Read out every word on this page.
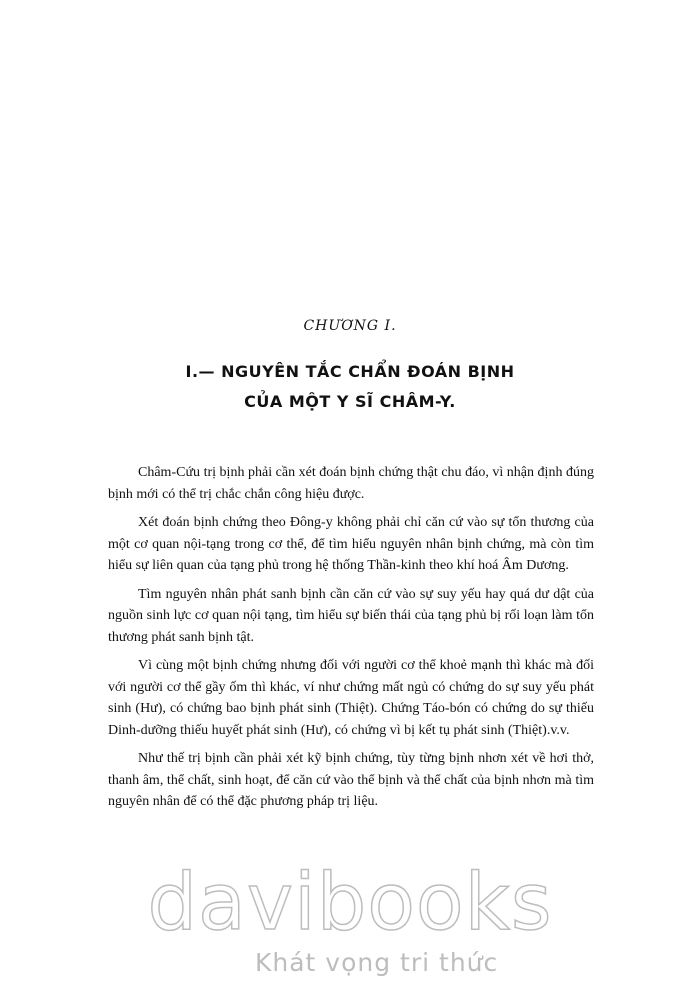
CHƯƠNG I.
I.— NGUYÊN TẮC CHẨN ĐOÁN BỊNH
CỦA MỘT Y SĨ CHÂM-Y.

Châm-Cứu trị bịnh phải cần xét đoán bịnh chứng thật chu đáo, vì nhận định đúng bịnh mới có thể trị chắc chắn công hiệu được.

Xét đoán bịnh chứng theo Đông-y không phải chỉ căn cứ vào sự tổn thương của một cơ quan nội-tạng trong cơ thể, để tìm hiểu nguyên nhân bịnh chứng, mà còn tìm hiểu sự liên quan của tạng phủ trong hệ thống Thần-kinh theo khí hoá Âm Dương.

Tìm nguyên nhân phát sanh bịnh cần căn cứ vào sự suy yếu hay quá dư dật của nguồn sinh lực cơ quan nội tạng, tìm hiểu sự biến thái của tạng phủ bị rối loạn làm tổn thương phát sanh bịnh tật.

Vì cùng một bịnh chứng nhưng đối với người cơ thể khoẻ mạnh thì khác mà đối với người cơ thể gầy ốm thì khác, ví như chứng mất ngủ có chứng do sự suy yếu phát sinh (Hư), có chứng bao bịnh phát sinh (Thiệt). Chứng Táo-bón có chứng do sự thiếu Dinh-dưỡng thiếu huyết phát sinh (Hư), có chứng vì bị kết tụ phát sinh (Thiệt).v.v.

Như thế trị bịnh cần phải xét kỹ bịnh chứng, tùy từng bịnh nhơn xét về hơi thở, thanh âm, thể chất, sinh hoạt, để căn cứ vào thể bịnh và thể chất của bịnh nhơn mà tìm nguyên nhân để có thể đặc phương pháp trị liệu.

davibooks
Khát vọng tri thức
